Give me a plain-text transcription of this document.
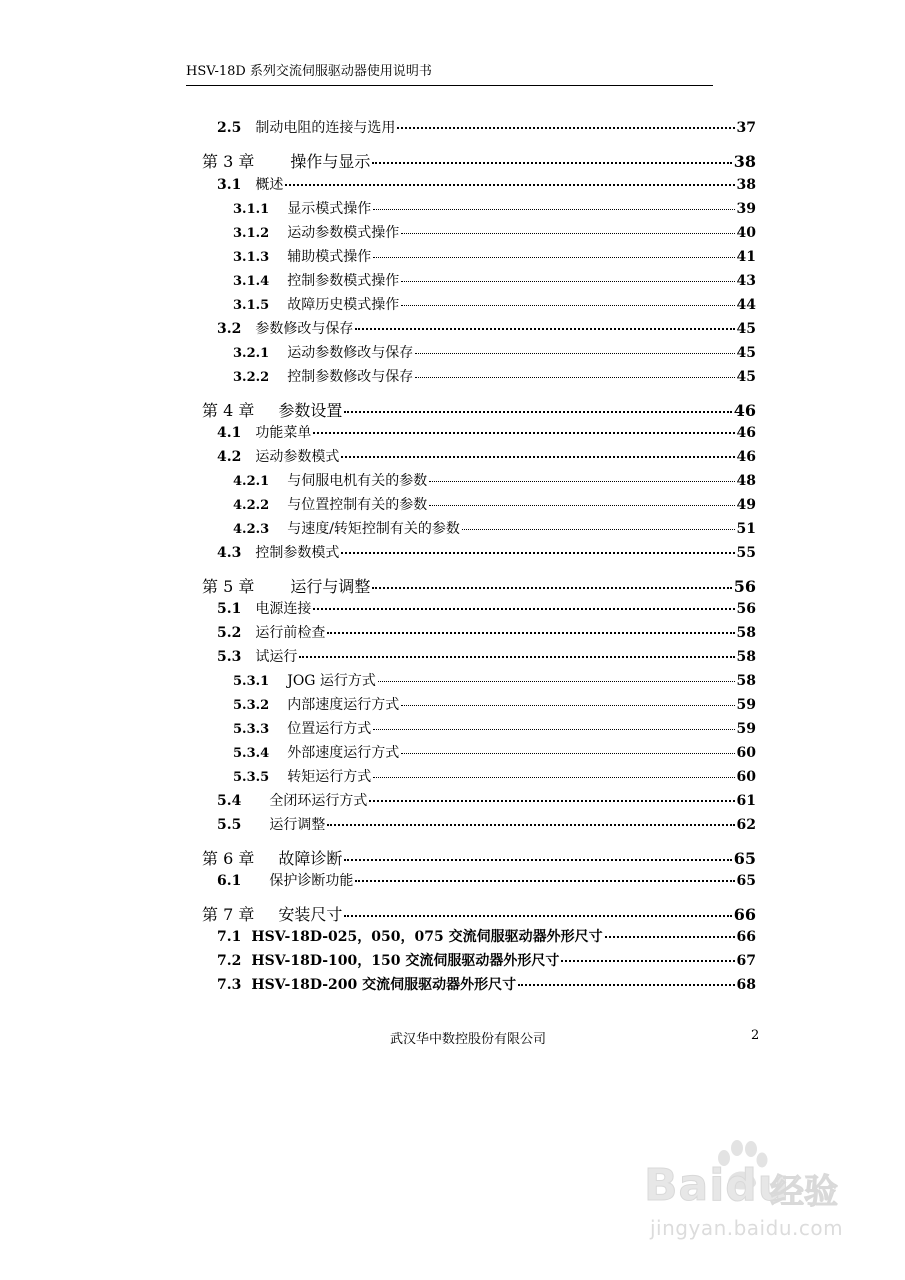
HSV-18D 系列交流伺服驱动器使用说明书
2.5 制动电阻的连接与选用	37
第 3 章 操作与显示	38
3.1 概述	38
3.1.1 显示模式操作	39
3.1.2 运动参数模式操作	40
3.1.3 辅助模式操作	41
3.1.4 控制参数模式操作	43
3.1.5 故障历史模式操作	44
3.2 参数修改与保存	45
3.2.1 运动参数修改与保存	45
3.2.2 控制参数修改与保存	45
第 4 章 参数设置	46
4.1 功能菜单	46
4.2 运动参数模式	46
4.2.1 与伺服电机有关的参数	48
4.2.2 与位置控制有关的参数	49
4.2.3 与速度/转矩控制有关的参数	51
4.3 控制参数模式	55
第 5 章 运行与调整	56
5.1 电源连接	56
5.2 运行前检查	58
5.3 试运行	58
5.3.1 JOG 运行方式	58
5.3.2 内部速度运行方式	59
5.3.3 位置运行方式	59
5.3.4 外部速度运行方式	60
5.3.5 转矩运行方式	60
5.4 全闭环运行方式	61
5.5 运行调整	62
第 6 章 故障诊断	65
6.1 保护诊断功能	65
第 7 章 安装尺寸	66
7.1 HSV-18D-025，050，075 交流伺服驱动器外形尺寸	66
7.2 HSV-18D-100，150 交流伺服驱动器外形尺寸	67
7.3 HSV-18D-200 交流伺服驱动器外形尺寸	68
武汉华中数控股份有限公司	2
Baidu
经验
jingyan.baidu.com
